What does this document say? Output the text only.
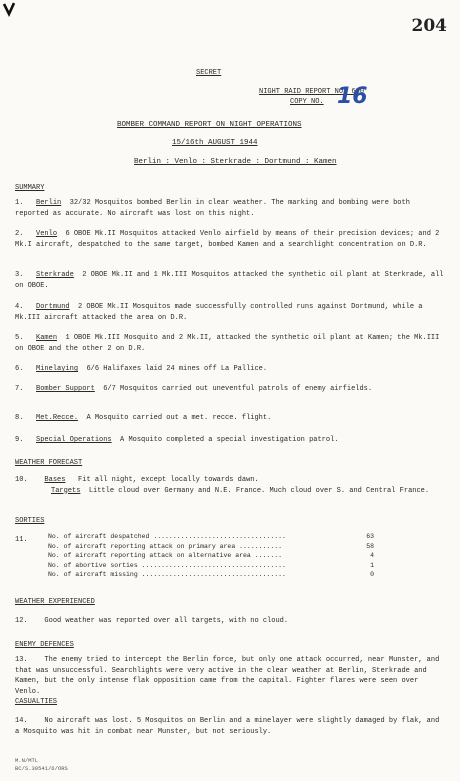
204
SECRET
NIGHT RAID REPORT NO. 690
COPY NO. 16
BOMBER COMMAND REPORT ON NIGHT OPERATIONS
15/16th AUGUST 1944
Berlin : Venlo : Sterkrade : Dortmund : Kamen
SUMMARY
1. Berlin 32/32 Mosquitos bombed Berlin in clear weather. The marking and bombing were both reported as accurate. No aircraft was lost on this night.
2. Venlo 6 OBOE Mk.II Mosquitos attacked Venlo airfield by means of their precision devices; and 2 Mk.I aircraft, despatched to the same target, bombed Kamen and a searchlight concentration on D.R.
3. Sterkrade 2 OBOE Mk.II and 1 Mk.III Mosquitos attacked the synthetic oil plant at Sterkrade, all on OBOE.
4. Dortmund 2 OBOE Mk.II Mosquitos made successfully controlled runs against Dortmund, while a Mk.III aircraft attacked the area on D.R.
5. Kamen 1 OBOE Mk.III Mosquito and 2 Mk.II, attacked the synthetic oil plant at Kamen; the Mk.III on OBOE and the other 2 on D.R.
6. Minelaying 6/6 Halifaxes laid 24 mines off La Pallice.
7. Bomber Support 6/7 Mosquitos carried out uneventful patrols of enemy airfields.
8. Met.Recce. A Mosquito carried out a met. recce. flight.
9. Special Operations A Mosquito completed a special investigation patrol.
WEATHER FORECAST
10. Bases Fit all night, except locally towards dawn.
Targets Little cloud over Germany and N.E. France. Much cloud over S. and Central France.
SORTIES
11.	No. of aircraft despatched ..................................	63
No. of aircraft reporting attack on primary area ...........	58
No. of aircraft reporting attack on alternative area .......	4
No. of abortive sorties .....................................	1
No. of aircraft missing .....................................	0
WEATHER EXPERIENCED
12. Good weather was reported over all targets, with no cloud.
ENEMY DEFENCES
13. The enemy tried to intercept the Berlin force, but only one attack occurred, near Munster, and that was unsuccessful. Searchlights were very active in the clear weather at Berlin, Sterkrade and Kamen, but the only intense flak opposition came from the capital. Fighter flares were seen over Venlo.
CASUALTIES
14. No aircraft was lost. 5 Mosquitos on Berlin and a minelayer were slightly damaged by flak, and a Mosquito was hit in combat near Munster, but not seriously.
M.N/MTL
BC/S.30541/6/ORS
